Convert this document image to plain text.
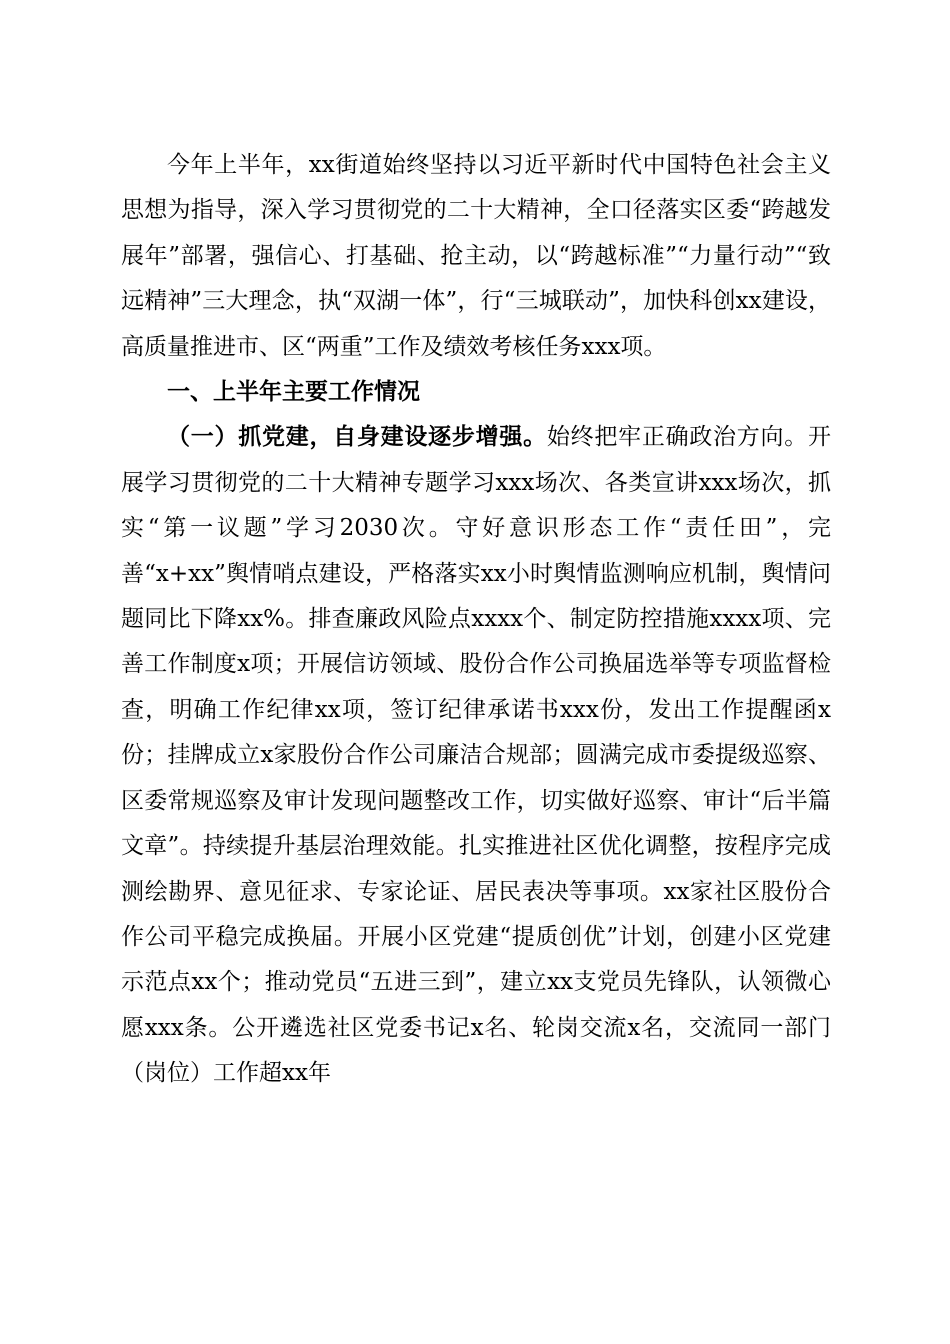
今年上半年，xx街道始终坚持以习近平新时代中国特色社会主义思想为指导，深入学习贯彻党的二十大精神，全口径落实区委“跨越发展年”部署，强信心、打基础、抢主动，以“跨越标准”“力量行动”“致远精神”三大理念，执“双湖一体”，行“三城联动”，加快科创xx建设，高质量推进市、区“两重”工作及绩效考核任务xxx项。

一、上半年主要工作情况

（一）抓党建，自身建设逐步增强。始终把牢正确政治方向。开展学习贯彻党的二十大精神专题学习xxx场次、各类宣讲xxx场次，抓实“第一议题”学习2030次。守好意识形态工作“责任田”，完善“x+xx”舆情哨点建设，严格落实xx小时舆情监测响应机制，舆情问题同比下降xx%。排查廉政风险点xxxx个、制定防控措施xxxx项、完善工作制度x项；开展信访领域、股份合作公司换届选举等专项监督检查，明确工作纪律xx项，签订纪律承诺书xxx份，发出工作提醒函x份；挂牌成立x家股份合作公司廉洁合规部；圆满完成市委提级巡察、区委常规巡察及审计发现问题整改工作，切实做好巡察、审计“后半篇文章”。持续提升基层治理效能。扎实推进社区优化调整，按程序完成测绘勘界、意见征求、专家论证、居民表决等事项。xx家社区股份合作公司平稳完成换届。开展小区党建“提质创优”计划，创建小区党建示范点xx个；推动党员“五进三到”，建立xx支党员先锋队，认领微心愿xxx条。公开遴选社区党委书记x名、轮岗交流x名，交流同一部门（岗位）工作超xx年
